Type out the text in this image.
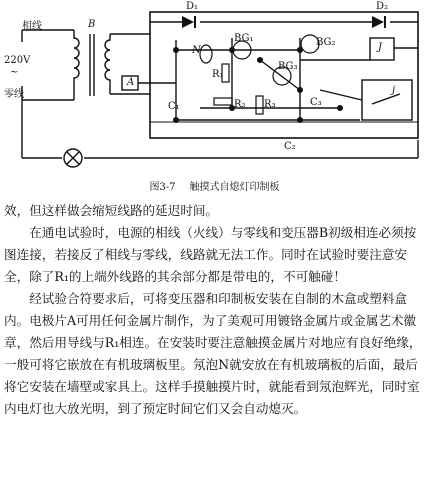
D₁	D₂
B
相线
220V
~
零线
A
N
R₁
R₂ R₃
BG₁	BG₂
BG₃
C₁
C₂
C₃
J
j
图3-7 触摸式自熄灯印制板

效，但这样做会缩短线路的延迟时间。

在通电试验时，电源的相线（火线）与零线和变压器B初级相连必须按图连接，若接反了相线与零线，线路就无法工作。同时在试验时要注意安全，除了R₁的上端外线路的其余部分都是带电的，不可触碰！

经试验合符要求后，可将变压器和印制板安装在自制的木盒或塑料盒内。电极片A可用任何金属片制作，为了美观可用镀铬金属片或金属艺术徽章，然后用导线与R₁相连。在安装时要注意触摸金属片对地应有良好绝缘，一般可将它嵌放在有机玻璃板里。氖泡N就安放在有机玻璃板的后面，最后将它安装在墙壁或家具上。这样手摸触摸片时，就能看到氖泡辉光，同时室内电灯也大放光明，到了预定时间它们又会自动熄灭。
